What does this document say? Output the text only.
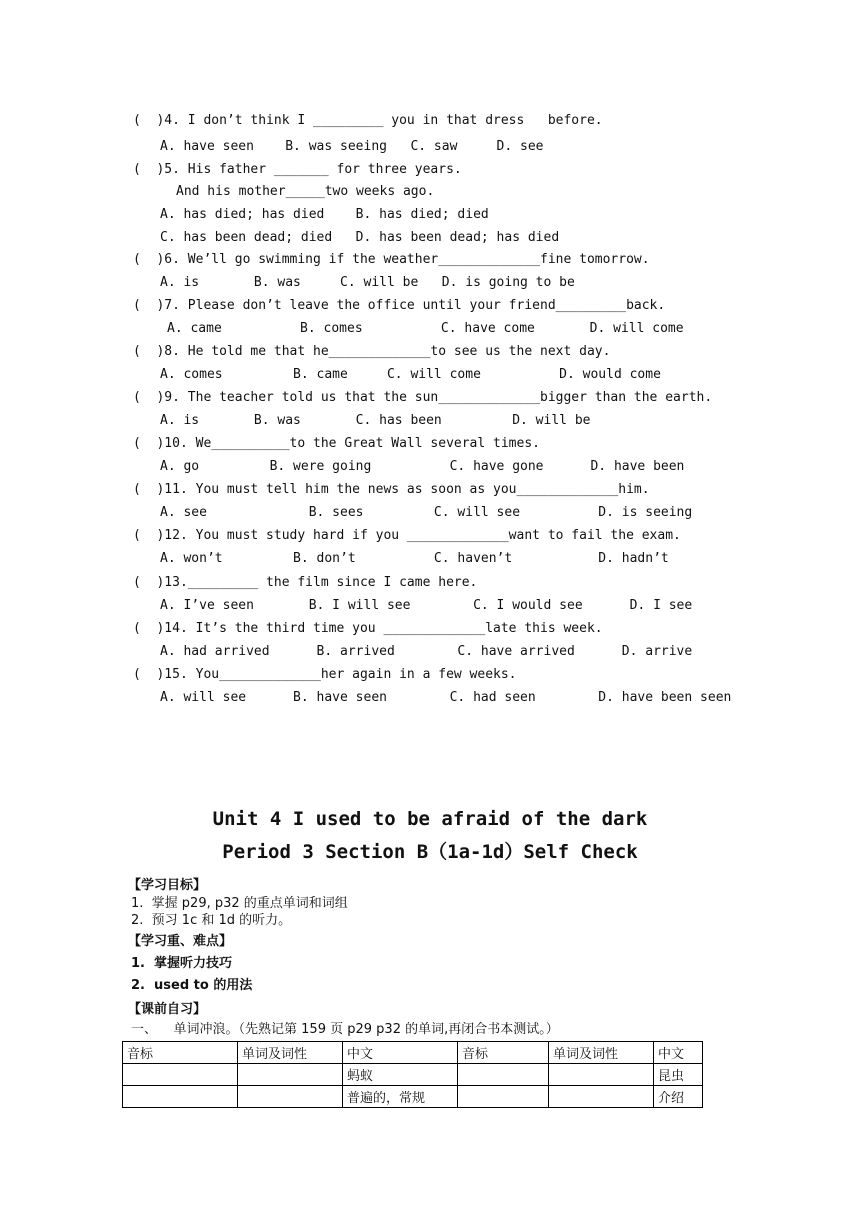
(  )4. I don’t think I _________ you in that dress   before.
A. have seen    B. was seeing   C. saw     D. see
(  )5. His father _______ for three years.
And his mother_____two weeks ago.
A. has died; has died    B. has died; died
C. has been dead; died   D. has been dead; has died
(  )6. We’ll go swimming if the weather_____________fine tomorrow.
A. is       B. was     C. will be   D. is going to be
(  )7. Please don’t leave the office until your friend_________back.
A. came          B. comes          C. have come       D. will come
(  )8. He told me that he_____________to see us the next day.
A. comes         B. came     C. will come          D. would come
(  )9. The teacher told us that the sun_____________bigger than the earth.
A. is       B. was       C. has been         D. will be
(  )10. We__________to the Great Wall several times.
A. go         B. were going          C. have gone      D. have been
(  )11. You must tell him the news as soon as you_____________him.
A. see             B. sees         C. will see          D. is seeing
(  )12. You must study hard if you _____________want to fail the exam.
A. won’t         B. don’t          C. haven’t           D. hadn’t
(  )13._________ the film since I came here.
A. I’ve seen       B. I will see        C. I would see      D. I see
(  )14. It’s the third time you _____________late this week.
A. had arrived      B. arrived        C. have arrived      D. arrive
(  )15. You_____________her again in a few weeks.
A. will see      B. have seen        C. had seen        D. have been seen
Unit 4 I used to be afraid of the dark
Period 3 Section B（1a-1d）Self Check
【学习目标】
1.  掌握 p29, p32 的重点单词和词组
2.  预习 1c 和 1d 的听力。
【学习重、难点】
1.  掌握听力技巧
2.  used to 的用法
【课前自习】
一、    单词冲浪。（先熟记第 159 页 p29 p32 的单词,再闭合书本测试。）
音标	单词及词性	中文	音标	单词及词性	中文
		蚂蚁			昆虫
		普遍的，常规			介绍
